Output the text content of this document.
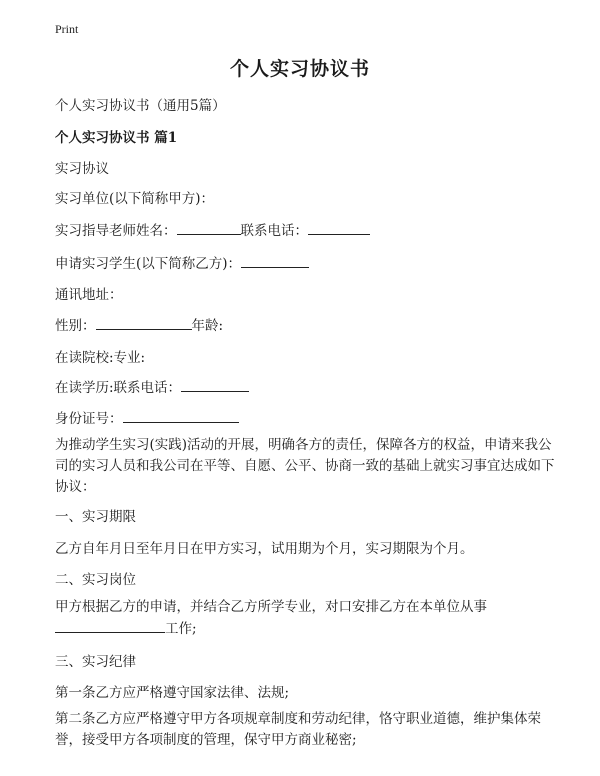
Print
个人实习协议书
个人实习协议书（通用5篇）
个人实习协议书 篇1
实习协议
实习单位(以下简称甲方)：
实习指导老师姓名：	联系电话：
申请实习学生(以下简称乙方)：
通讯地址：
性别：	年龄:
在读院校:专业:
在读学历:联系电话：
身份证号：
为推动学生实习(实践)活动的开展，明确各方的责任，保障各方的权益，申请来我公司的实习人员和我公司在平等、自愿、公平、协商一致的基础上就实习事宜达成如下协议：
一、实习期限
乙方自年月日至年月日在甲方实习，试用期为个月，实习期限为个月。
二、实习岗位
甲方根据乙方的申请，并结合乙方所学专业，对口安排乙方在本单位从事
工作;
三、实习纪律
第一条乙方应严格遵守国家法律、法规;
第二条乙方应严格遵守甲方各项规章制度和劳动纪律，恪守职业道德，维护集体荣誉，接受甲方各项制度的管理，保守甲方商业秘密;
